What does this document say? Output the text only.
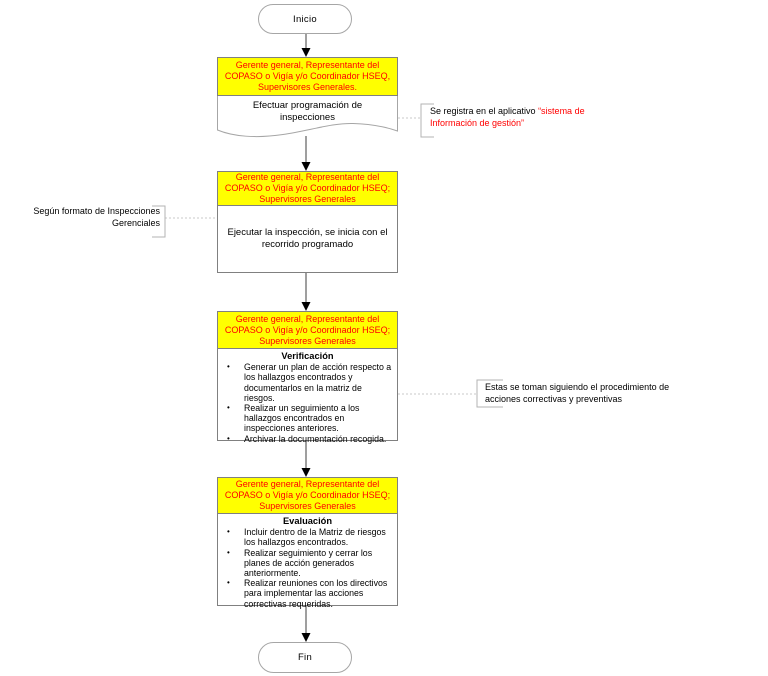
Inicio
Gerente general, Representante del COPASO o Vigía y/o Coordinador HSEQ, Supervisores Generales.
Efectuar programación de inspecciones
Se registra en el aplicativo “sistema de Información de gestión”
Gerente general, Representante del COPASO o Vigía y/o Coordinador HSEQ; Supervisores Generales
Ejecutar la inspección, se inicia con el recorrido programado
Según formato de Inspecciones Gerenciales
Gerente general, Representante del COPASO o Vigía y/o Coordinador HSEQ; Supervisores Generales
Verificación
•	Generar un plan de acción respecto a los hallazgos encontrados y documentarlos en la matriz de riesgos.
•	Realizar un seguimiento a los hallazgos encontrados en inspecciones anteriores.
•	Archivar la documentación recogida.
Estas se toman siguiendo el procedimiento de acciones correctivas y preventivas
Gerente general, Representante del COPASO o Vigía y/o Coordinador HSEQ; Supervisores Generales
Evaluación
•	Incluir dentro de la Matriz de riesgos los hallazgos encontrados.
•	Realizar seguimiento y cerrar los planes de acción generados anteriormente.
•	Realizar reuniones con los directivos para implementar las acciones correctivas requeridas.
Fin
